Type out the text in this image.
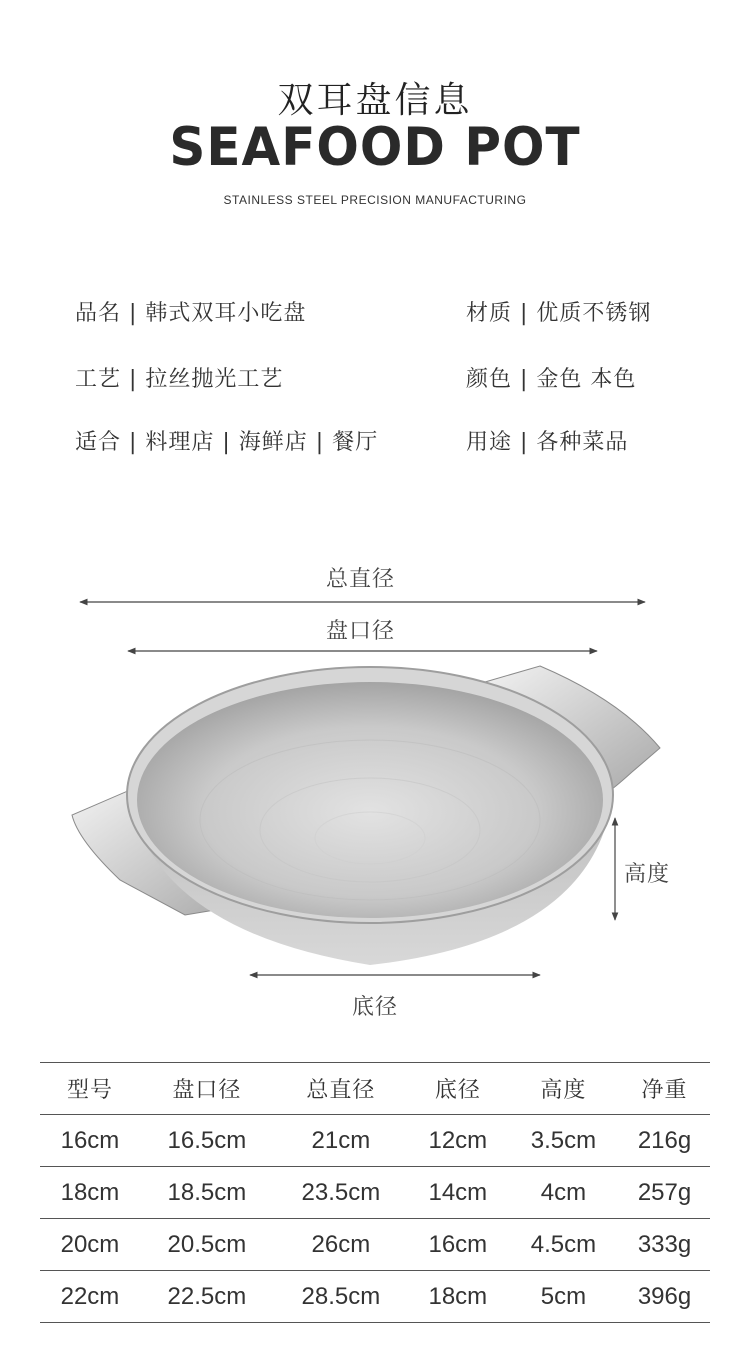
双耳盘信息
SEAFOOD POT
STAINLESS STEEL PRECISION MANUFACTURING
品名 | 韩式双耳小吃盘	材质 | 优质不锈钢
工艺 | 拉丝抛光工艺	颜色 | 金色 本色
适合 | 料理店 | 海鲜店 | 餐厅	用途 | 各种菜品
总直径
盘口径
高度
底径
型号	盘口径	总直径	底径	高度	净重
16cm	16.5cm	21cm	12cm	3.5cm	216g
18cm	18.5cm	23.5cm	14cm	4cm	257g
20cm	20.5cm	26cm	16cm	4.5cm	333g
22cm	22.5cm	28.5cm	18cm	5cm	396g
